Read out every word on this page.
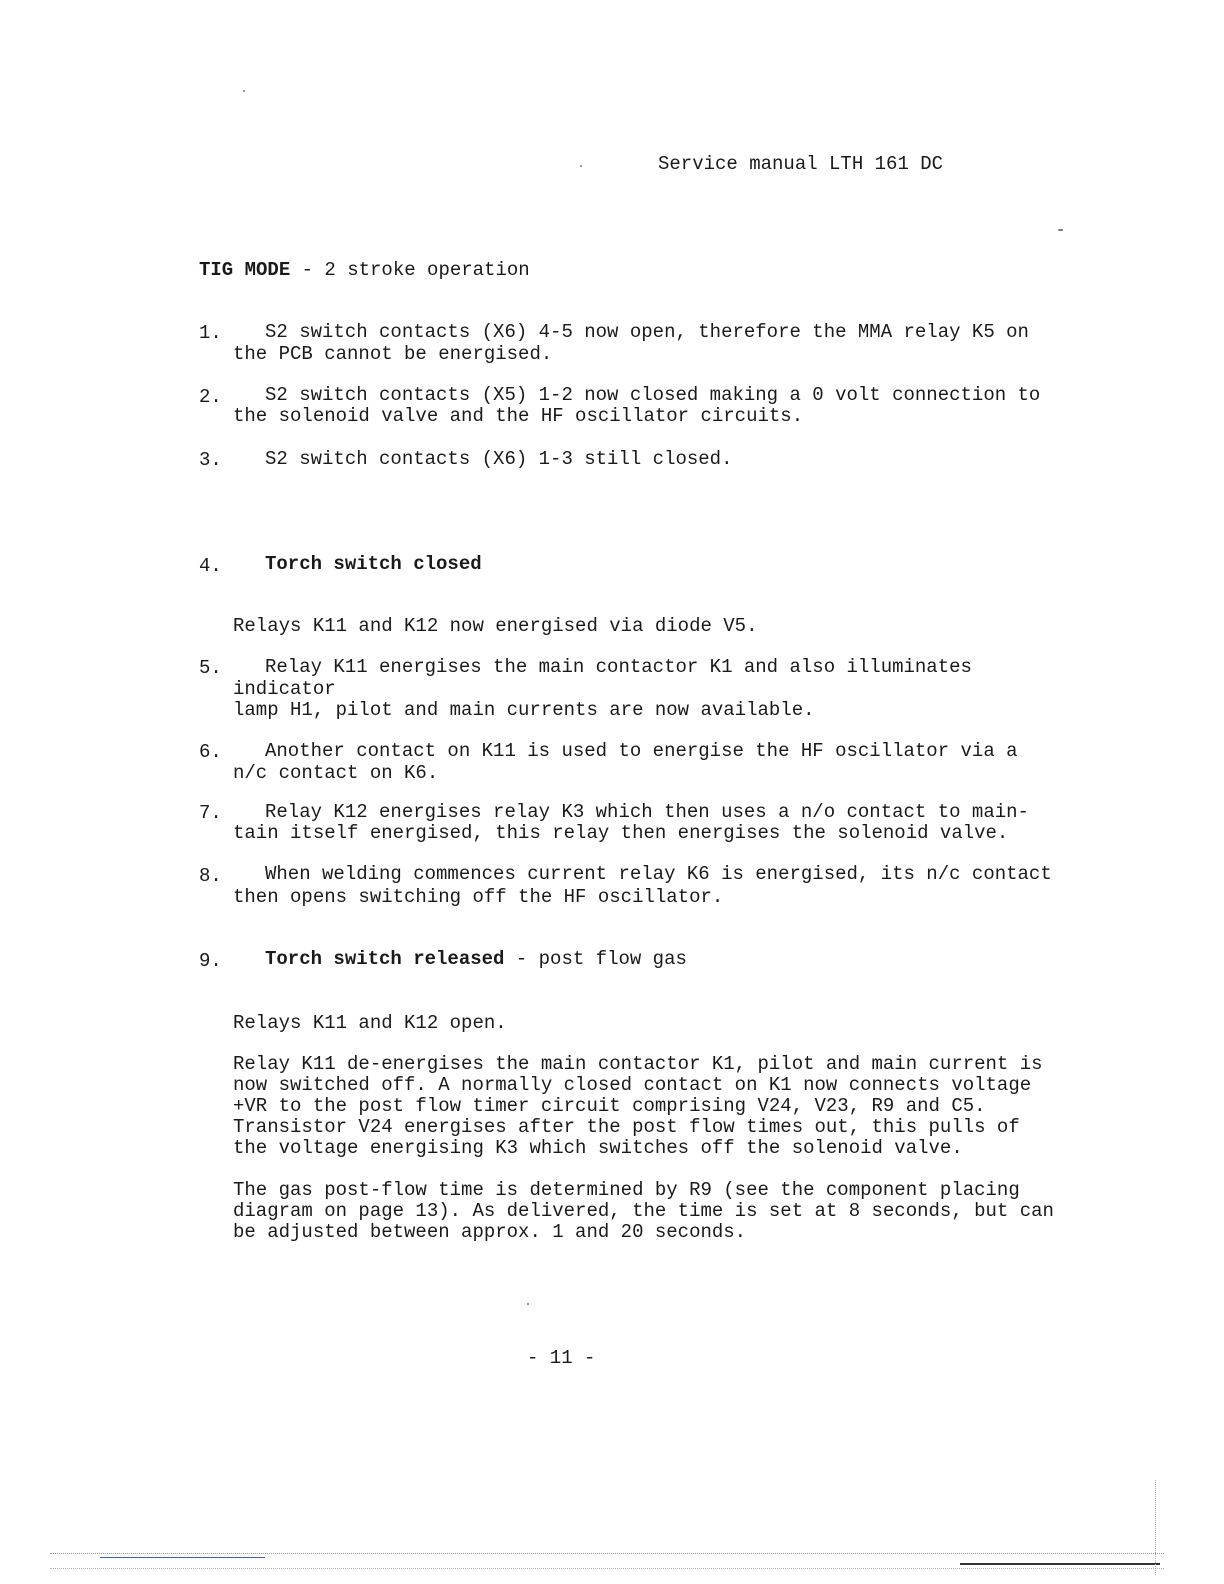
Service manual LTH 161 DC
TIG MODE - 2 stroke operation
1. S2 switch contacts (X6) 4-5 now open, therefore the MMA relay K5 on
the PCB cannot be energised.
2. S2 switch contacts (X5) 1-2 now closed making a 0 volt connection to
the solenoid valve and the HF oscillator circuits.
3. S2 switch contacts (X6) 1-3 still closed.
4. Torch switch closed
Relays K11 and K12 now energised via diode V5.
5. Relay K11 energises the main contactor K1 and also illuminates
indicator
lamp H1, pilot and main currents are now available.
6. Another contact on K11 is used to energise the HF oscillator via a
n/c contact on K6.
7. Relay K12 energises relay K3 which then uses a n/o contact to main-
tain itself energised, this relay then energises the solenoid valve.
8. When welding commences current relay K6 is energised, its n/c contact
then opens switching off the HF oscillator.
9. Torch switch released - post flow gas
Relays K11 and K12 open.
Relay K11 de-energises the main contactor K1, pilot and main current is
now switched off. A normally closed contact on K1 now connects voltage
+VR to the post flow timer circuit comprising V24, V23, R9 and C5.
Transistor V24 energises after the post flow times out, this pulls of
the voltage energising K3 which switches off the solenoid valve.
The gas post-flow time is determined by R9 (see the component placing
diagram on page 13). As delivered, the time is set at 8 seconds, but can
be adjusted between approx. 1 and 20 seconds.
- 11 -
